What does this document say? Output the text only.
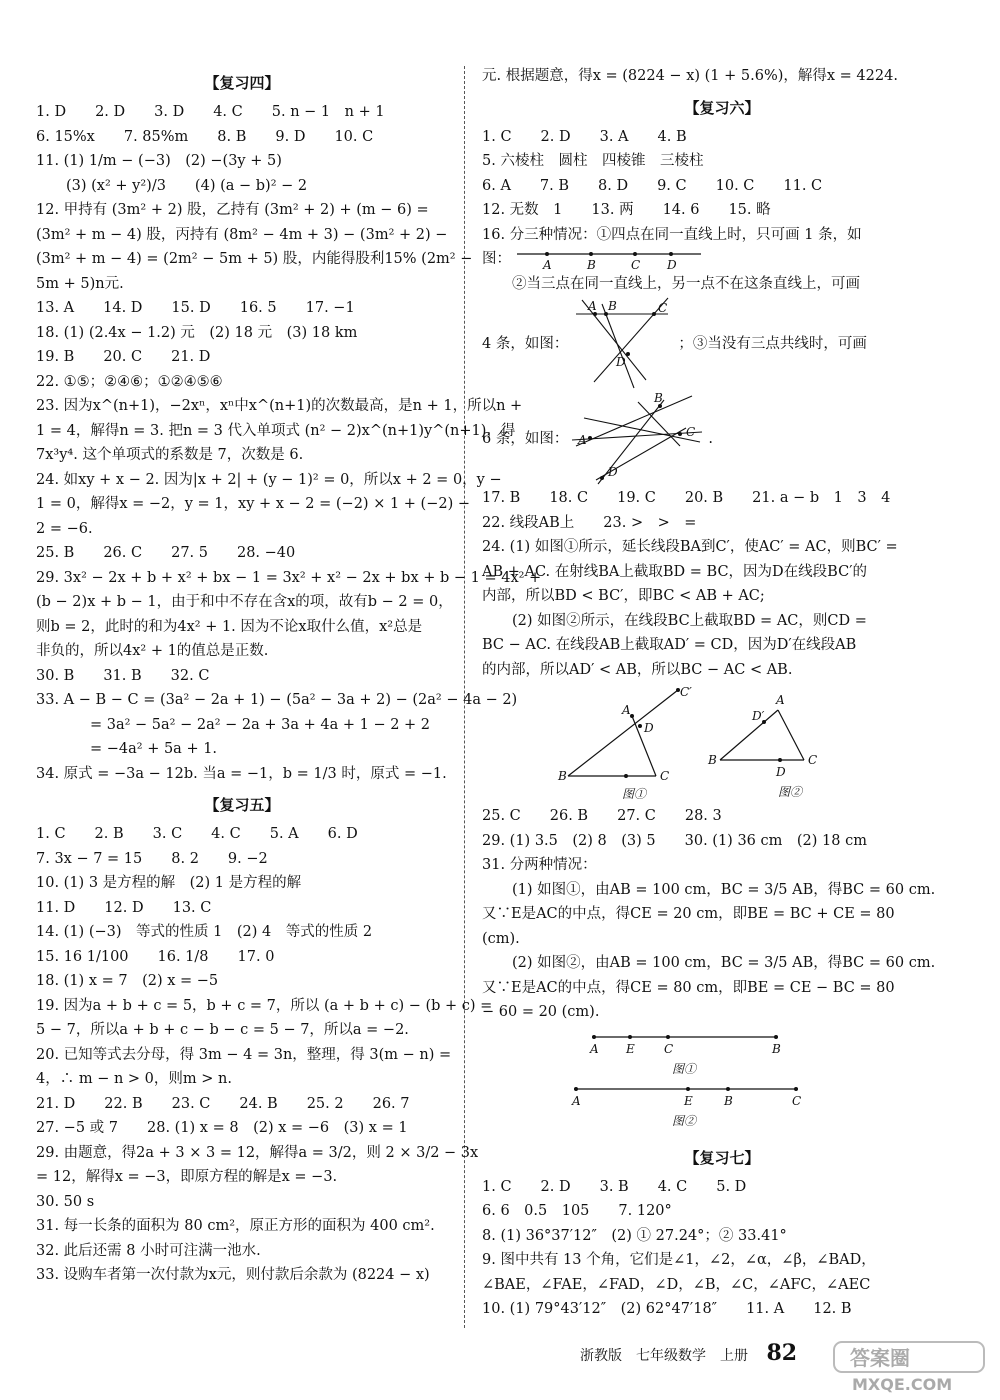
【复习四】
1. D　　2. D　　3. D　　4. C　　5. n − 1　n + 1
6. 15%x　　7. 85%m　　8. B　　9. D　　10. C
11. (1) 1/m − (−3)　(2) −(3y + 5)
(3) (x² + y²)/3　　(4) (a − b)² − 2
12. 甲持有 (3m² + 2) 股，乙持有 (3m² + 2) + (m − 6) =
(3m² + m − 4) 股，丙持有 (8m² − 4m + 3) − (3m² + 2) −
(3m² + m − 4) = (2m² − 5m + 5) 股，内能得股利15% (2m² −
5m + 5)n元.
13. A　　14. D　　15. D　　16. 5　　17. −1
18. (1) (2.4x − 1.2) 元　(2) 18 元　(3) 18 km
19. B　　20. C　　21. D
22. ①⑤；②④⑥；①②④⑤⑥
23. 因为x^(n+1)，−2xⁿ，xⁿ中x^(n+1)的次数最高，是n + 1，所以n +
1 = 4，解得n = 3. 把n = 3 代入单项式 (n² − 2)x^(n+1)y^(n+1)，得
7x³y⁴. 这个单项式的系数是 7，次数是 6.
24. 如xy + x − 2. 因为|x + 2| + (y − 1)² = 0，所以x + 2 = 0，y −
1 = 0，解得x = −2，y = 1，xy + x − 2 = (−2) × 1 + (−2) −
2 = −6.
25. B　　26. C　　27. 5　　28. −40
29. 3x² − 2x + b + x² + bx − 1 = 3x² + x² − 2x + bx + b − 1 = 4x² +
(b − 2)x + b − 1，由于和中不存在含x的项，故有b − 2 = 0，
则b = 2，此时的和为4x² + 1. 因为不论x取什么值，x²总是
非负的，所以4x² + 1的值总是正数.
30. B　　31. B　　32. C
33. A − B − C = (3a² − 2a + 1) − (5a² − 3a + 2) − (2a² − 4a − 2)
= 3a² − 5a² − 2a² − 2a + 3a + 4a + 1 − 2 + 2
= −4a² + 5a + 1.
34. 原式 = −3a − 12b. 当a = −1，b = 1/3 时，原式 = −1.
【复习五】
1. C　　2. B　　3. C　　4. C　　5. A　　6. D
7. 3x − 7 = 15　　8. 2　　9. −2
10. (1) 3 是方程的解　(2) 1 是方程的解
11. D　　12. D　　13. C
14. (1) (−3)　等式的性质 1　(2) 4　等式的性质 2
15. 16 1/100　　16. 1/8　　17. 0
18. (1) x = 7　(2) x = −5
19. 因为a + b + c = 5，b + c = 7，所以 (a + b + c) − (b + c) =
5 − 7，所以a + b + c − b − c = 5 − 7，所以a = −2.
20. 已知等式去分母，得 3m − 4 = 3n，整理，得 3(m − n) =
4，∴ m − n > 0，则m > n.
21. D　　22. B　　23. C　　24. B　　25. 2　　26. 7
27. −5 或 7　　28. (1) x = 8　(2) x = −6　(3) x = 1
29. 由题意，得2a + 3 × 3 = 12，解得a = 3/2，则 2 × 3/2 − 3x
= 12，解得x = −3，即原方程的解是x = −3.
30. 50 s
31. 每一长条的面积为 80 cm²，原正方形的面积为 400 cm².
32. 此后还需 8 小时可注满一池水.
33. 设购车者第一次付款为x元，则付款后余款为 (8224 − x)
元. 根据题意，得x = (8224 − x) (1 + 5.6%)，解得x = 4224.
【复习六】
1. C　　2. D　　3. A　　4. B
5. 六棱柱　圆柱　四棱锥　三棱柱
6. A　　7. B　　8. D　　9. C　　10. C　　11. C
12. 无数　1　　13. 两　　14. 6　　15. 略
16. 分三种情况：①四点在同一直线上时，只可画 1 条，如
图：	A	B	C D
②当三点在同一直线上，另一点不在这条直线上，可画
4 条，如图：
A B	C
D
；③当没有三点共线时，可画
6 条，如图： A
B
C
D
.
17. B　　18. C　　19. C　　20. B　　21. a − b　1　3　4
22. 线段AB上　　23. >　>　=
24. (1) 如图①所示，延长线段BA到C′，使AC′ = AC，则BC′ =
AB + AC. 在射线BA上截取BD = BC，因为D在线段BC′的
内部，所以BD < BC′，即BC < AB + AC;
(2) 如图②所示，在线段BC上截取BD = AC，则CD =
BC − AC. 在线段AB上截取AD′ = CD，因为D′在线段AB
的内部，所以AD′ < AB，所以BC − AC < AB.
C′
A
D
B	C
图①
A
D′
B
D
C
图②
25. C　　26. B　　27. C　　28. 3
29. (1) 3.5　(2) 8　(3) 5　　30. (1) 36 cm　(2) 18 cm
31. 分两种情况：
(1) 如图①，由AB = 100 cm，BC = 3/5 AB，得BC = 60 cm.
又∵E是AC的中点，得CE = 20 cm，即BE = BC + CE = 80
(cm).
(2) 如图②，由AB = 100 cm，BC = 3/5 AB，得BC = 60 cm.
又∵E是AC的中点，得CE = 80 cm，即BE = CE − BC = 80
− 60 = 20 (cm).
A E C	B
图①
A	E	B	C
图②
【复习七】
1. C　　2. D　　3. B　　4. C　　5. D
6. 6　0.5　105　　7. 120°
8. (1) 36°37′12″　(2) ① 27.24°；② 33.41°
9. 图中共有 13 个角，它们是∠1，∠2，∠α，∠β，∠BAD，
∠BAE，∠FAE，∠FAD，∠D，∠B，∠C，∠AFC，∠AEC
10. (1) 79°43′12″　(2) 62°47′18″　　11. A　　12. B
浙教版　七年级数学　上册 82	答案圈
MXQE.COM
